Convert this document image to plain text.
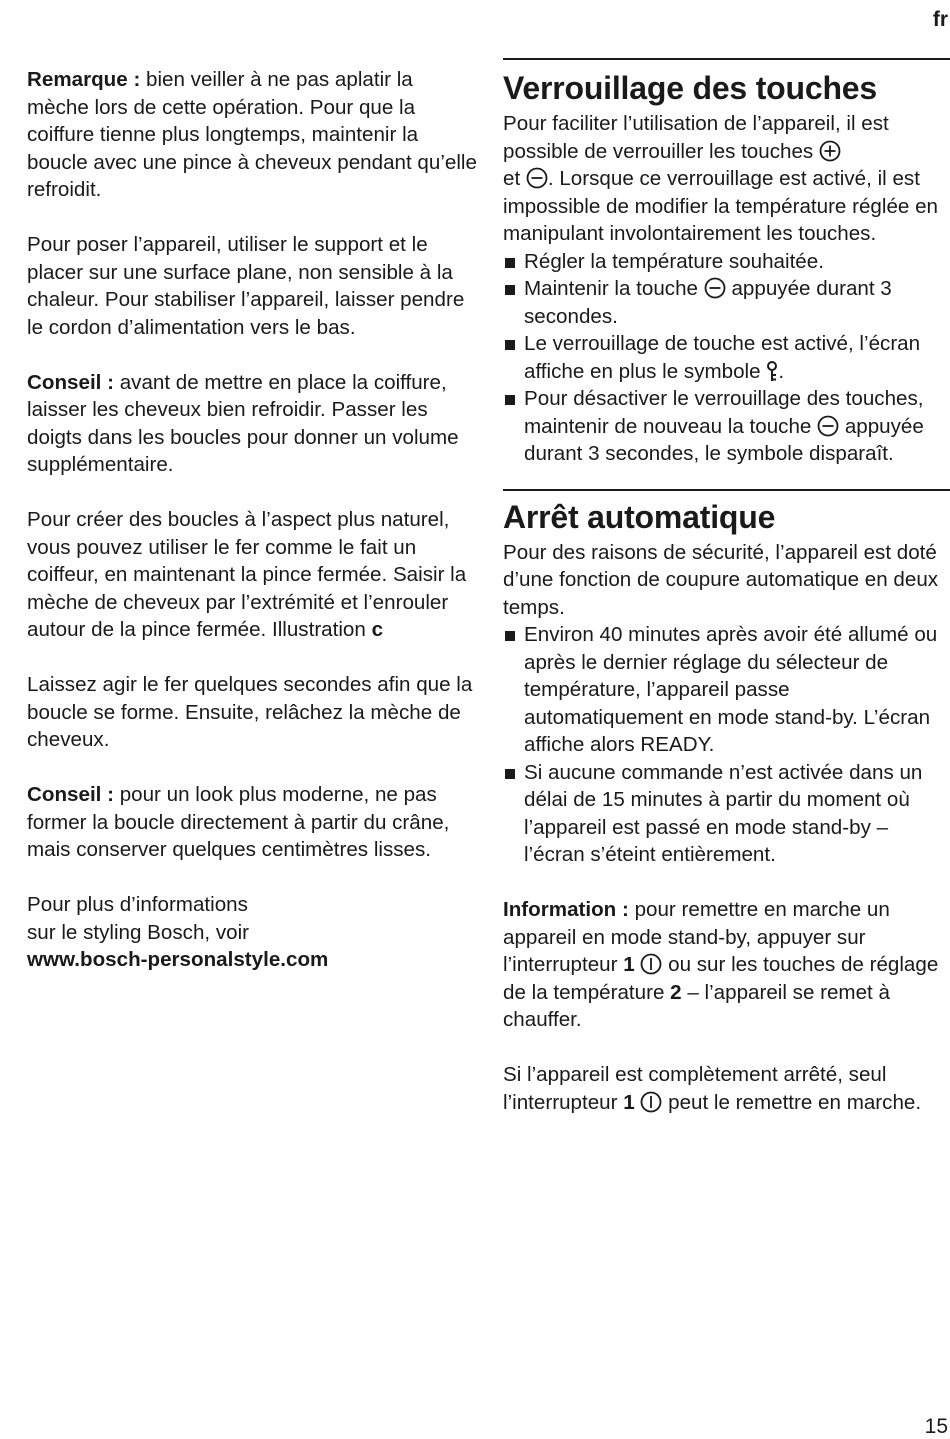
fr

Remarque : bien veiller à ne pas aplatir la mèche lors de cette opération. Pour que la coiffure tienne plus longtemps, maintenir la boucle avec une pince à cheveux pendant qu’elle refroidit.

Pour poser l’appareil, utiliser le support et le placer sur une surface plane, non sensible à la chaleur. Pour stabiliser l’appareil, laisser pendre le cordon d’alimentation vers le bas.

Conseil : avant de mettre en place la coiffure, laisser les cheveux bien refroidir. Passer les doigts dans les boucles pour donner un volume supplémentaire.

Pour créer des boucles à l’aspect plus naturel, vous pouvez utiliser le fer comme le fait un coiffeur, en maintenant la pince fermée. Saisir la mèche de cheveux par l’extrémité et l’enrouler autour de la pince fermée. Illustration c

Laissez agir le fer quelques secondes afin que la boucle se forme. Ensuite, relâchez la mèche de cheveux.

Conseil : pour un look plus moderne, ne pas former la boucle directement à partir du crâne, mais conserver quelques centimètres lisses.

Pour plus d’informations
sur le styling Bosch, voir
www.bosch-personalstyle.com

Verrouillage des touches

Pour faciliter l’utilisation de l’appareil, il est possible de verrouiller les touches

et
. Lorsque ce verrouillage est activé, il est impossible de modifier la température réglée en manipulant involontairement les touches.

Régler la température souhaitée.
Maintenir la touche
appuyée durant 3 secondes.
Le verrouillage de touche est activé, l’écran affiche en plus le symbole
.
Pour désactiver le verrouillage des touches, maintenir de nouveau la touche
appuyée durant 3 secondes, le symbole disparaît.
Arrêt automatique

Pour des raisons de sécurité, l’appareil est doté d’une fonction de coupure automatique en deux temps.

Environ 40 minutes après avoir été allumé ou après le dernier réglage du sélecteur de température, l’appareil passe automatiquement en mode stand-by. L’écran affiche alors READY.
Si aucune commande n’est activée dans un délai de 15 minutes à partir du moment où l’appareil est passé en mode stand-by – l’écran s’éteint entièrement.

Information : pour remettre en marche un appareil en mode stand-by, appuyer sur l’interrupteur 1
ou sur les touches de réglage de la température 2 – l’appareil se remet à chauffer.

Si l’appareil est complètement arrêté, seul l’interrupteur 1
peut le remettre en marche.

15
